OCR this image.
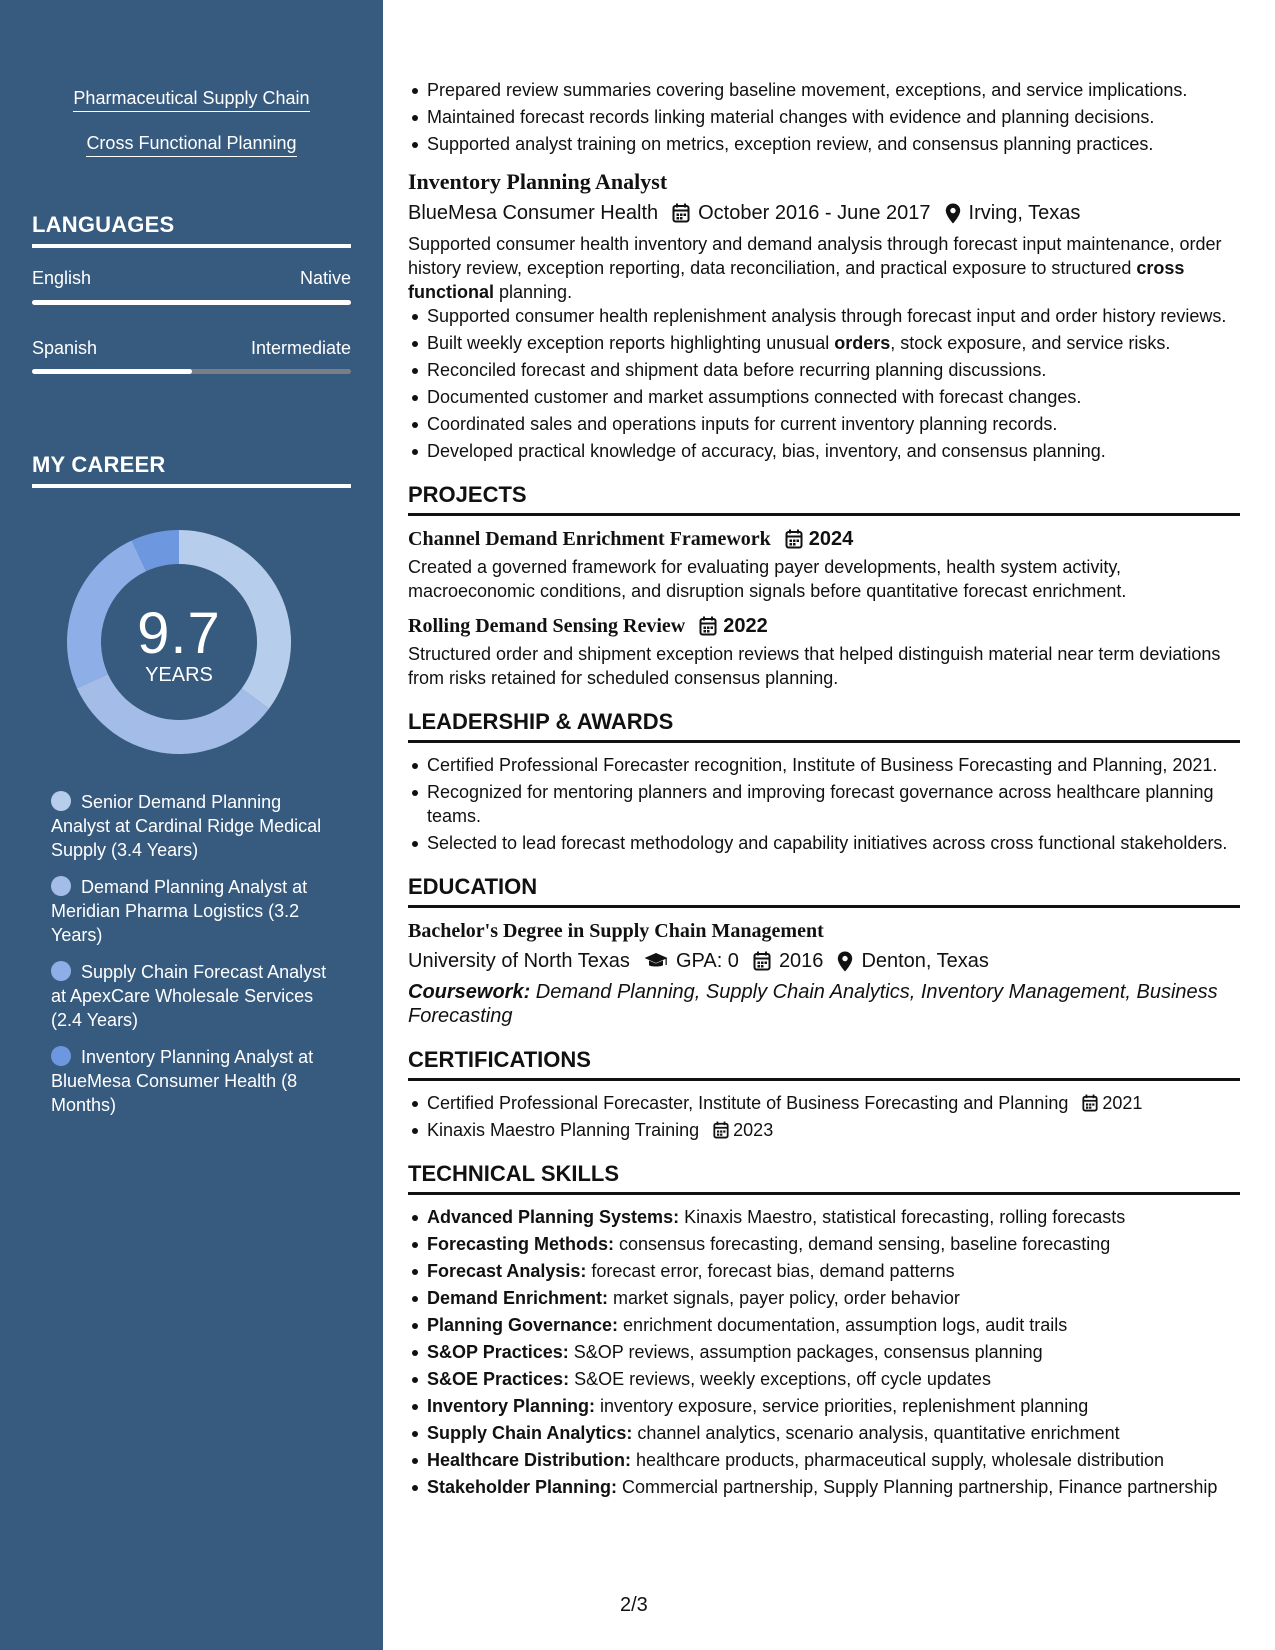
Pharmaceutical Supply Chain
Cross Functional Planning
LANGUAGES
English	Native
Spanish	Intermediate
MY CAREER
9.7
YEARS
Senior Demand Planning Analyst at Cardinal Ridge Medical Supply (3.4 Years)
Demand Planning Analyst at Meridian Pharma Logistics (3.2 Years)
Supply Chain Forecast Analyst at ApexCare Wholesale Services (2.4 Years)
Inventory Planning Analyst at BlueMesa Consumer Health (8 Months)
Prepared review summaries covering baseline movement, exceptions, and service implications.
Maintained forecast records linking material changes with evidence and planning decisions.
Supported analyst training on metrics, exception review, and consensus planning practices.
Inventory Planning Analyst
BlueMesa Consumer Health October 2016 - June 2017 Irving, Texas
Supported consumer health inventory and demand analysis through forecast input maintenance, order history review, exception reporting, data reconciliation, and practical exposure to structured cross functional planning.
Supported consumer health replenishment analysis through forecast input and order history reviews.
Built weekly exception reports highlighting unusual orders, stock exposure, and service risks.
Reconciled forecast and shipment data before recurring planning discussions.
Documented customer and market assumptions connected with forecast changes.
Coordinated sales and operations inputs for current inventory planning records.
Developed practical knowledge of accuracy, bias, inventory, and consensus planning.
PROJECTS
Channel Demand Enrichment Framework 2024
Created a governed framework for evaluating payer developments, health system activity, macroeconomic conditions, and disruption signals before quantitative forecast enrichment.
Rolling Demand Sensing Review 2022
Structured order and shipment exception reviews that helped distinguish material near term deviations from risks retained for scheduled consensus planning.
LEADERSHIP & AWARDS
Certified Professional Forecaster recognition, Institute of Business Forecasting and Planning, 2021.
Recognized for mentoring planners and improving forecast governance across healthcare planning teams.
Selected to lead forecast methodology and capability initiatives across cross functional stakeholders.
EDUCATION
Bachelor's Degree in Supply Chain Management
University of North Texas GPA: 0 2016 Denton, Texas
Coursework: Demand Planning, Supply Chain Analytics, Inventory Management, Business Forecasting
CERTIFICATIONS
Certified Professional Forecaster, Institute of Business Forecasting and Planning 2021
Kinaxis Maestro Planning Training 2023
TECHNICAL SKILLS
Advanced Planning Systems: Kinaxis Maestro, statistical forecasting, rolling forecasts
Forecasting Methods: consensus forecasting, demand sensing, baseline forecasting
Forecast Analysis: forecast error, forecast bias, demand patterns
Demand Enrichment: market signals, payer policy, order behavior
Planning Governance: enrichment documentation, assumption logs, audit trails
S&OP Practices: S&OP reviews, assumption packages, consensus planning
S&OE Practices: S&OE reviews, weekly exceptions, off cycle updates
Inventory Planning: inventory exposure, service priorities, replenishment planning
Supply Chain Analytics: channel analytics, scenario analysis, quantitative enrichment
Healthcare Distribution: healthcare products, pharmaceutical supply, wholesale distribution
Stakeholder Planning: Commercial partnership, Supply Planning partnership, Finance partnership
2/3
